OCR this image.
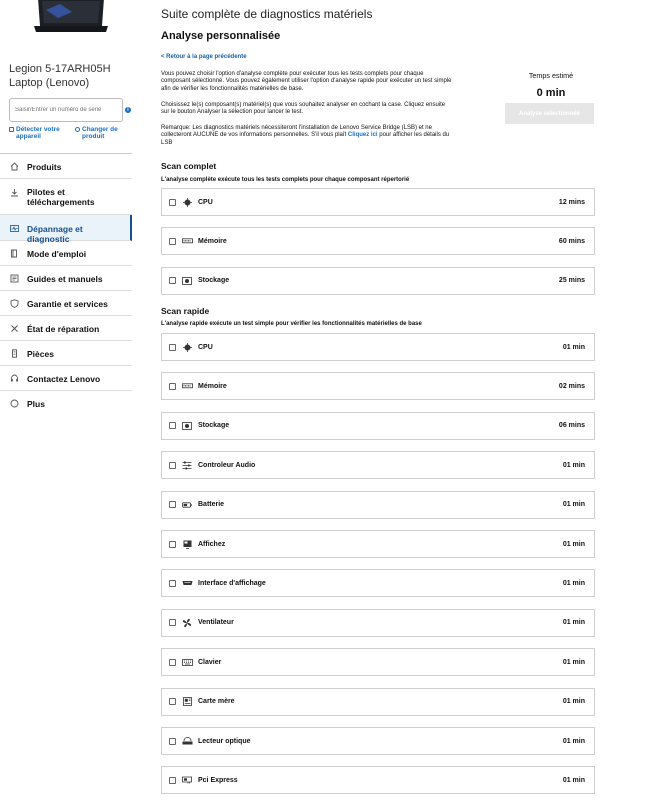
Legion 5-17ARH05H Laptop (Lenovo)
Saisir/Entrer un numéro de série
i
Détecter votre appareil
Changer de produit
Produits
Pilotes et téléchargements
Dépannage et diagnostic
Mode d'emploi
Guides et manuels
Garantie et services
État de réparation
Pièces
Contactez Lenovo
Plus
Suite complète de diagnostics matériels
Analyse personnalisée
< Retour à la page précédente
Vous pouvez choisir l'option d'analyse complète pour exécuter tous les tests complets pour chaque composant sélectionné. Vous pouvez également utiliser l'option d'analyse rapide pour exécuter un test simple afin de vérifier les fonctionnalités matérielles de base.
Choisissez le(s) composant(s) matériel(s) que vous souhaitez analyser en cochant la case. Cliquez ensuite sur le bouton Analyser la sélection pour lancer le test.
Remarque: Les diagnostics matériels nécessiteront l'installation de Lenovo Service Bridge (LSB) et ne collecteront AUCUNE de vos informations personnelles. S'il vous plaît Cliquez ici pour afficher les détails du LSB
Temps estimé
0 min
Analyse sélectionnée
Scan complet
L'analyse complète exécute tous les tests complets pour chaque composant répertorié
CPU	12 mins
Mémoire	60 mins
Stockage	25 mins
Scan rapide
L'analyse rapide exécute un test simple pour vérifier les fonctionnalités matérielles de base
CPU	01 min
Mémoire	02 mins
Stockage	06 mins
Controleur Audio	01 min
Batterie	01 min
Affichez	01 min
Interface d'affichage	01 min
Ventilateur	01 min
Clavier	01 min
Carte mère	01 min
Lecteur optique	01 min
Pci Express	01 min
